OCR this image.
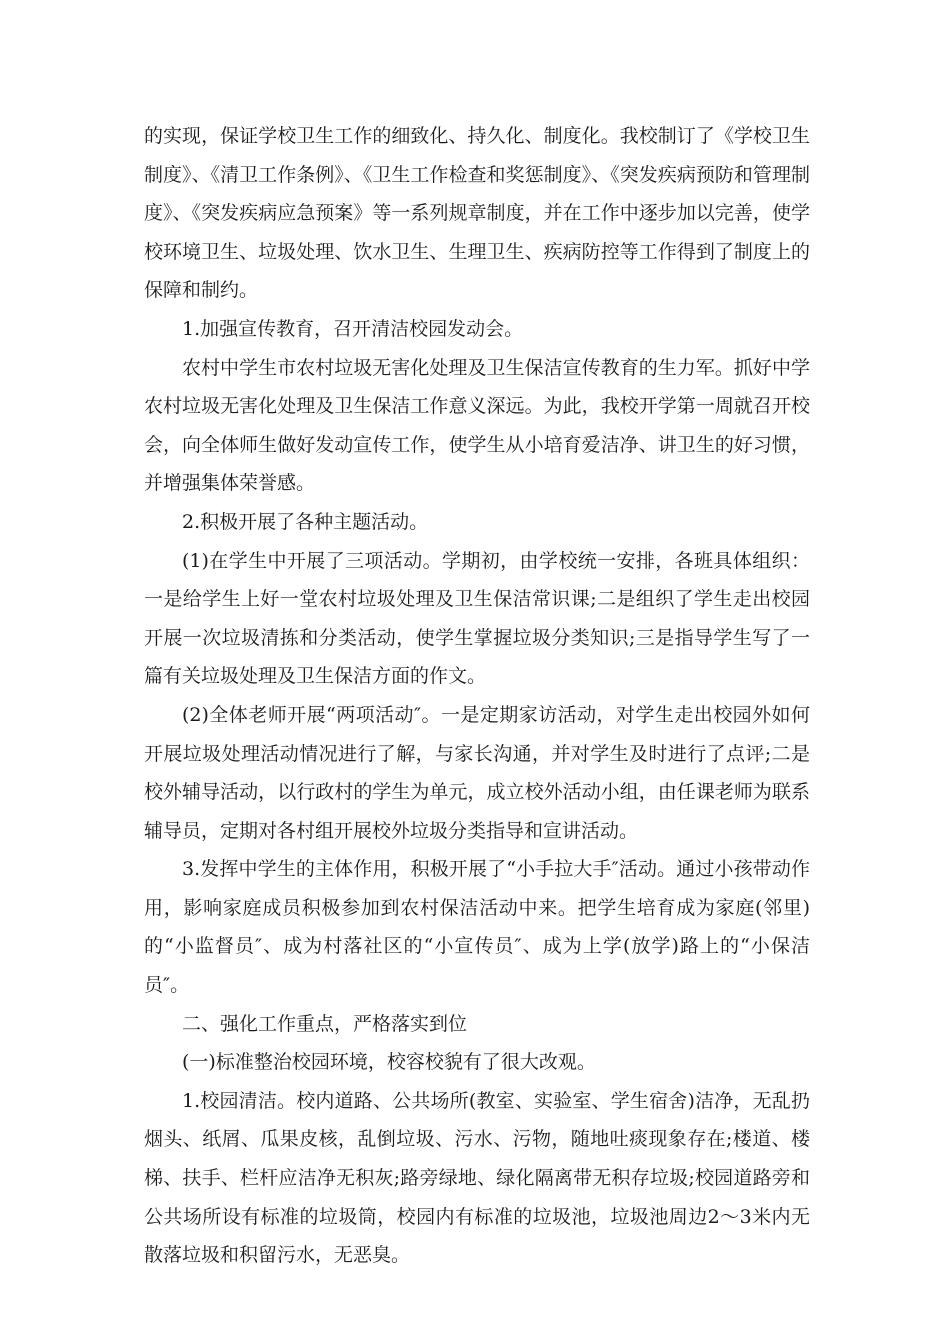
的实现，保证学校卫生工作的细致化、持久化、制度化。我校制订了《学校卫生制度》、《清卫工作条例》、《卫生工作检查和奖惩制度》、《突发疾病预防和管理制度》、《突发疾病应急预案》等一系列规章制度，并在工作中逐步加以完善，使学校环境卫生、垃圾处理、饮水卫生、生理卫生、疾病防控等工作得到了制度上的保障和制约。

1.加强宣传教育，召开清洁校园发动会。

农村中学生市农村垃圾无害化处理及卫生保洁宣传教育的生力军。抓好中学农村垃圾无害化处理及卫生保洁工作意义深远。为此，我校开学第一周就召开校会，向全体师生做好发动宣传工作，使学生从小培育爱洁净、讲卫生的好习惯，并增强集体荣誉感。

2.积极开展了各种主题活动。

(1)在学生中开展了三项活动。学期初，由学校统一安排，各班具体组织：一是给学生上好一堂农村垃圾处理及卫生保洁常识课;二是组织了学生走出校园开展一次垃圾清拣和分类活动，使学生掌握垃圾分类知识;三是指导学生写了一篇有关垃圾处理及卫生保洁方面的作文。

(2)全体老师开展“两项活动″。一是定期家访活动，对学生走出校园外如何开展垃圾处理活动情况进行了解，与家长沟通，并对学生及时进行了点评;二是校外辅导活动，以行政村的学生为单元，成立校外活动小组，由任课老师为联系辅导员，定期对各村组开展校外垃圾分类指导和宣讲活动。

3.发挥中学生的主体作用，积极开展了“小手拉大手″活动。通过小孩带动作用，影响家庭成员积极参加到农村保洁活动中来。把学生培育成为家庭(邻里)的“小监督员″、成为村落社区的“小宣传员″、成为上学(放学)路上的“小保洁员″。

二、强化工作重点，严格落实到位

(一)标准整治校园环境，校容校貌有了很大改观。

1.校园清洁。校内道路、公共场所(教室、实验室、学生宿舍)洁净，无乱扔烟头、纸屑、瓜果皮核，乱倒垃圾、污水、污物，随地吐痰现象存在;楼道、楼梯、扶手、栏杆应洁净无积灰;路旁绿地、绿化隔离带无积存垃圾;校园道路旁和公共场所设有标准的垃圾筒，校园内有标准的垃圾池，垃圾池周边2～3米内无散落垃圾和积留污水，无恶臭。
